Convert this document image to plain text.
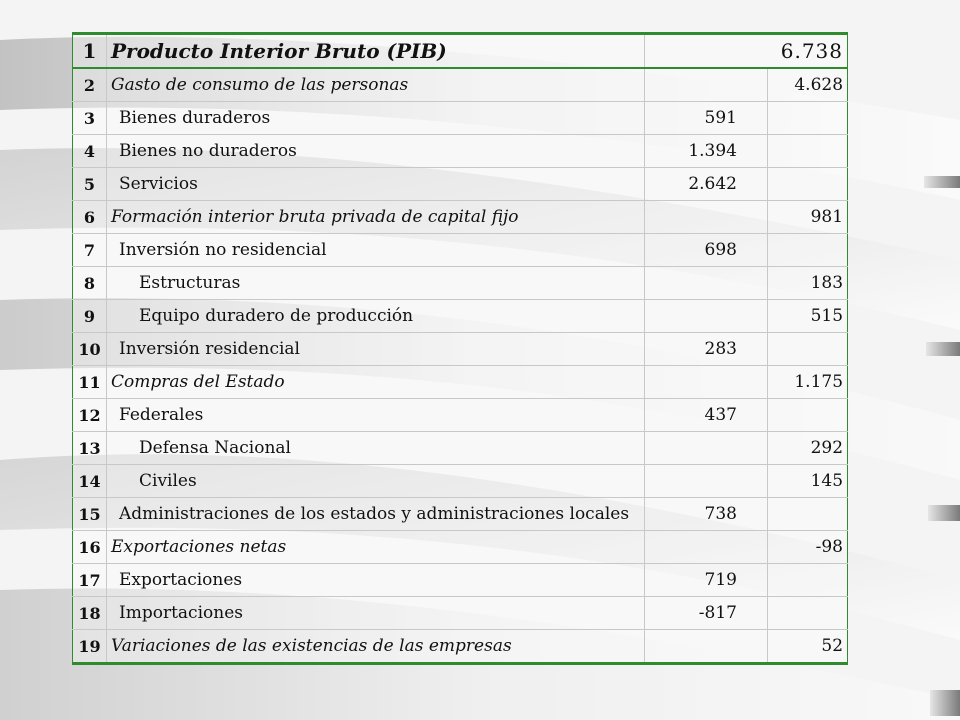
1	Producto Interior Bruto (PIB)	6.738	
2	Gasto de consumo de las personas		4.628
3	Bienes duraderos	591	
4	Bienes no duraderos	1.394	
5	Servicios	2.642	
6	Formación interior bruta privada de capital fijo		981
7	Inversión no residencial	698	
8	Estructuras		183
9	Equipo duradero de producción		515
10	Inversión residencial	283	
11	Compras del Estado		1.175
12	Federales	437	
13	Defensa Nacional		292
14	Civiles		145
15	Administraciones de los estados y administraciones locales	738	
16	Exportaciones netas		-98
17	Exportaciones	719	
18	Importaciones	-817	
19	Variaciones de las existencias de las empresas		52
